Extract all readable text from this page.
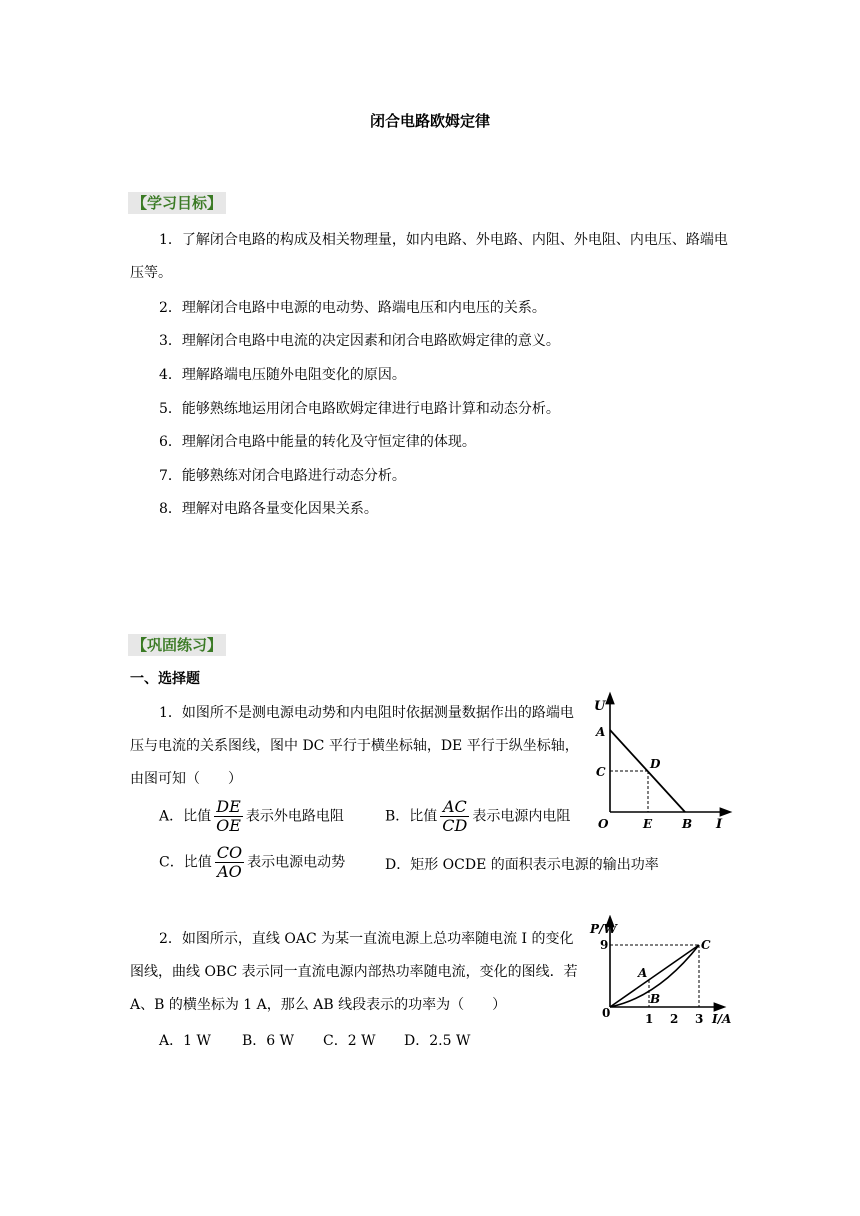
闭合电路欧姆定律
【学习目标】
1．了解闭合电路的构成及相关物理量，如内电路、外电路、内阻、外电阻、内电压、路端电压等。
2．理解闭合电路中电源的电动势、路端电压和内电压的关系。
3．理解闭合电路中电流的决定因素和闭合电路欧姆定律的意义。
4．理解路端电压随外电阻变化的原因。
5．能够熟练地运用闭合电路欧姆定律进行电路计算和动态分析。
6．理解闭合电路中能量的转化及守恒定律的体现。
7．能够熟练对闭合电路进行动态分析。
8．理解对电路各量变化因果关系。
【巩固练习】
一、选择题
1．如图所不是测电源电动势和内电阻时依据测量数据作出的路端电压与电流的关系图线，图中 DC 平行于横坐标轴，DE 平行于纵坐标轴，由图可知（　　）
A．比值 $\frac{DE}{OE}$ 表示外电路电阻	B．比值 $\frac{AC}{CD}$ 表示电源内电阻
C．比值 $\frac{CO}{AO}$ 表示电源电动势	D．矩形 OCDE 的面积表示电源的输出功率
U
I
A
C
D
O	E B
2．如图所示，直线 OAC 为某一直流电源上总功率随电流 I 的变化图线，曲线 OBC 表示同一直流电源内部热功率随电流，变化的图线．若 A、B 的横坐标为 1 A，那么 AB 线段表示的功率为（　　）
A．1 W B．6 W C．2 W D．2.5 W
P/W
I/A
9
0	1 2 3
A
B
C
